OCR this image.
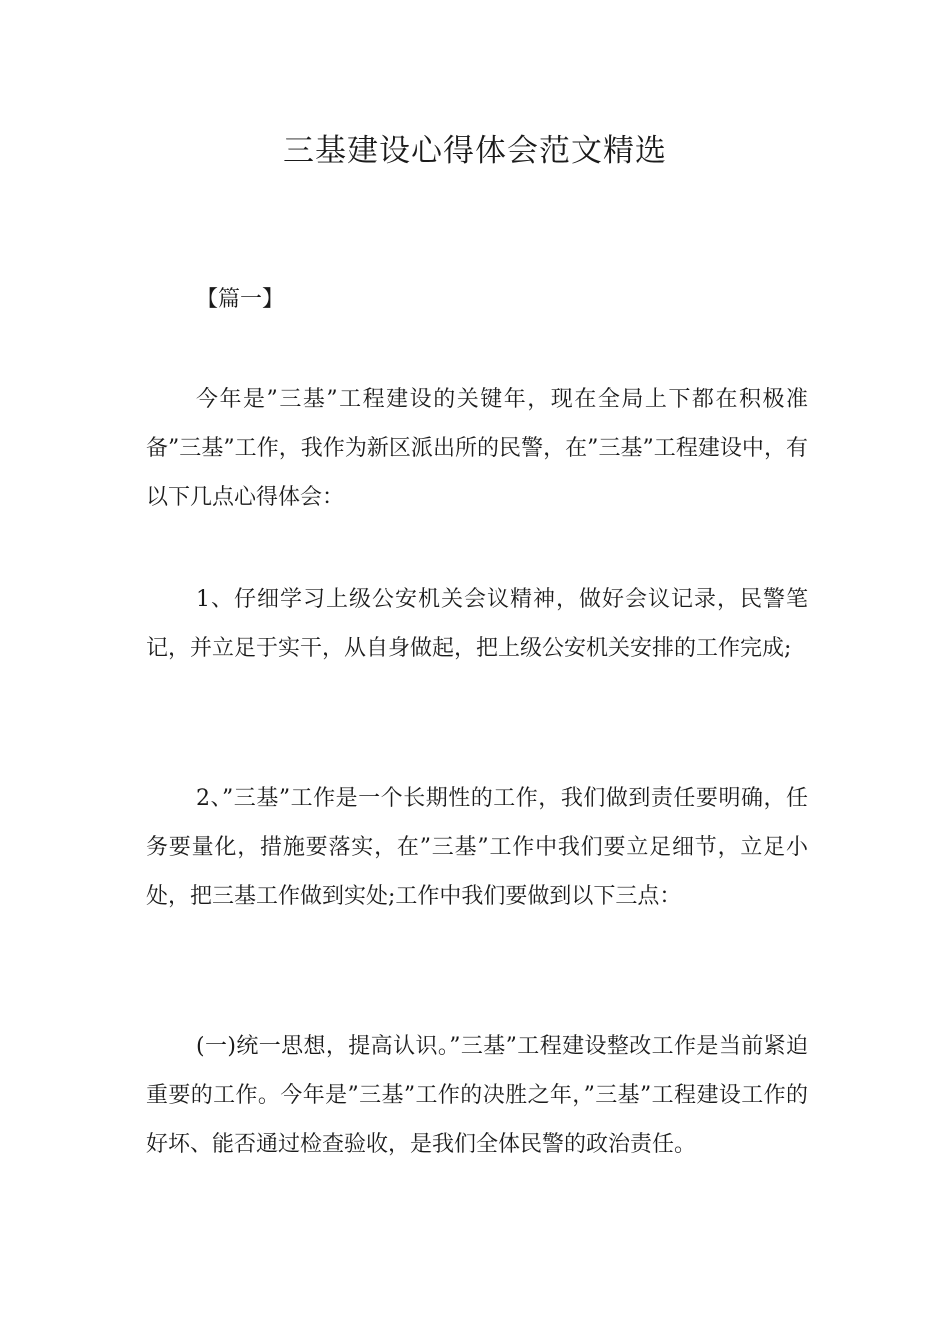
三基建设心得体会范文精选

【篇一】

今年是”三基”工程建设的关键年，现在全局上下都在积极准备”三基”工作，我作为新区派出所的民警，在”三基”工程建设中，有以下几点心得体会：

1、仔细学习上级公安机关会议精神，做好会议记录，民警笔记，并立足于实干，从自身做起，把上级公安机关安排的工作完成;

2、”三基”工作是一个长期性的工作，我们做到责任要明确，任务要量化，措施要落实，在”三基”工作中我们要立足细节，立足小处，把三基工作做到实处;工作中我们要做到以下三点：

(一)统一思想，提高认识。”三基”工程建设整改工作是当前紧迫重要的工作。今年是”三基”工作的决胜之年，”三基”工程建设工作的好坏、能否通过检查验收，是我们全体民警的政治责任。
